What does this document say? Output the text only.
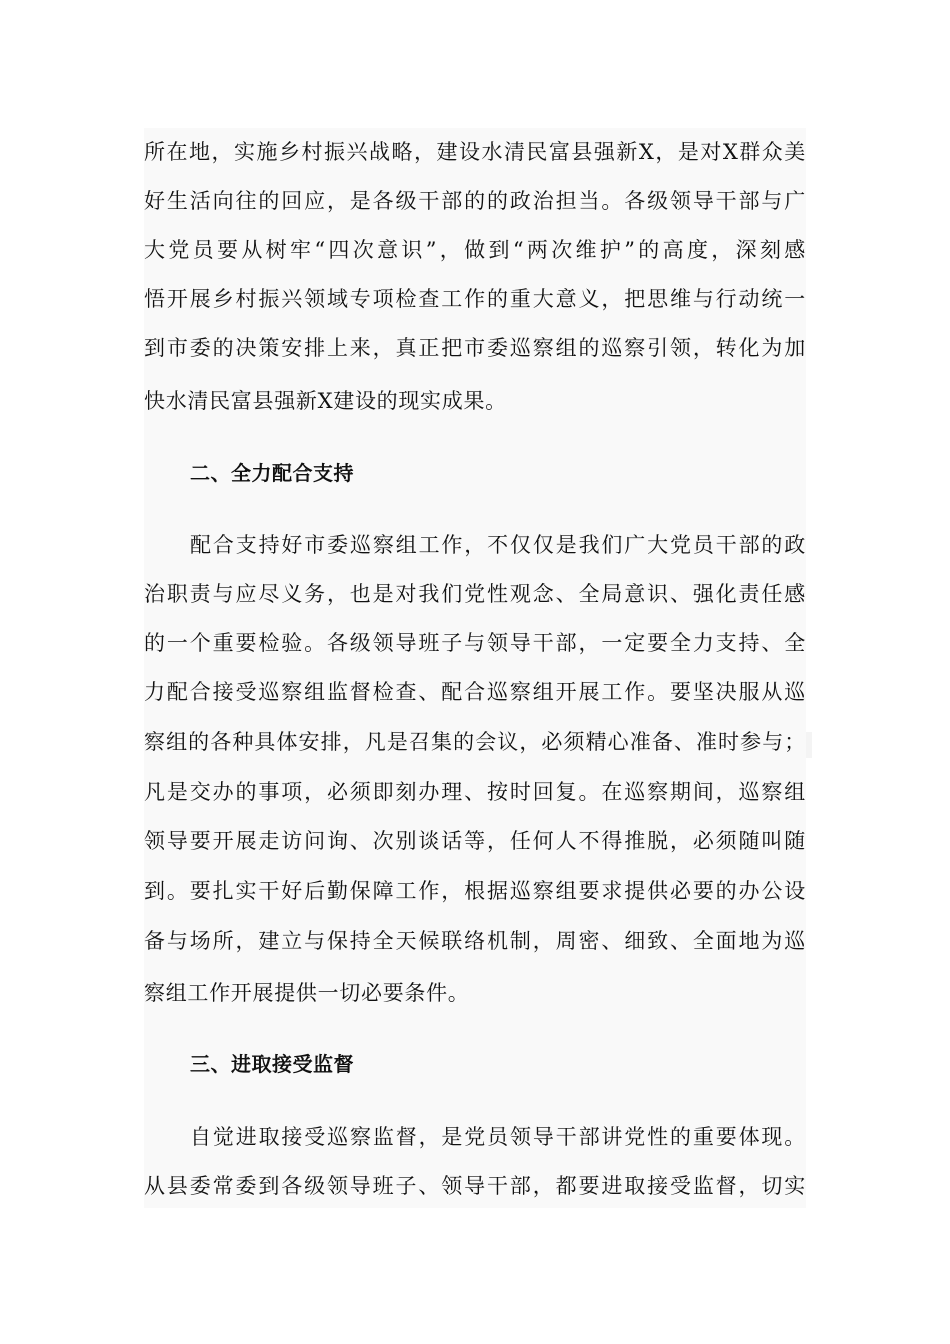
所在地，实施乡村振兴战略，建设水清民富县强新Ⅹ，是对Ⅹ群众美
好生活向往的回应，是各级干部的的政治担当。各级领导干部与广
大党员要从树牢“四次意识”，做到“两次维护”的高度，深刻感
悟开展乡村振兴领域专项检查工作的重大意义，把思维与行动统一
到市委的决策安排上来，真正把市委巡察组的巡察引领，转化为加
快水清民富县强新Ⅹ建设的现实成果。
二、全力配合支持
配合支持好市委巡察组工作，不仅仅是我们广大党员干部的政
治职责与应尽义务，也是对我们党性观念、全局意识、强化责任感
的一个重要检验。各级领导班子与领导干部，一定要全力支持、全
力配合接受巡察组监督检查、配合巡察组开展工作。要坚决服从巡
察组的各种具体安排，凡是召集的会议，必须精心准备、准时参与；
凡是交办的事项，必须即刻办理、按时回复。在巡察期间，巡察组
领导要开展走访问询、次别谈话等，任何人不得推脱，必须随叫随
到。要扎实干好后勤保障工作，根据巡察组要求提供必要的办公设
备与场所，建立与保持全天候联络机制，周密、细致、全面地为巡
察组工作开展提供一切必要条件。
三、进取接受监督
自觉进取接受巡察监督，是党员领导干部讲党性的重要体现。
从县委常委到各级领导班子、领导干部，都要进取接受监督，切实
